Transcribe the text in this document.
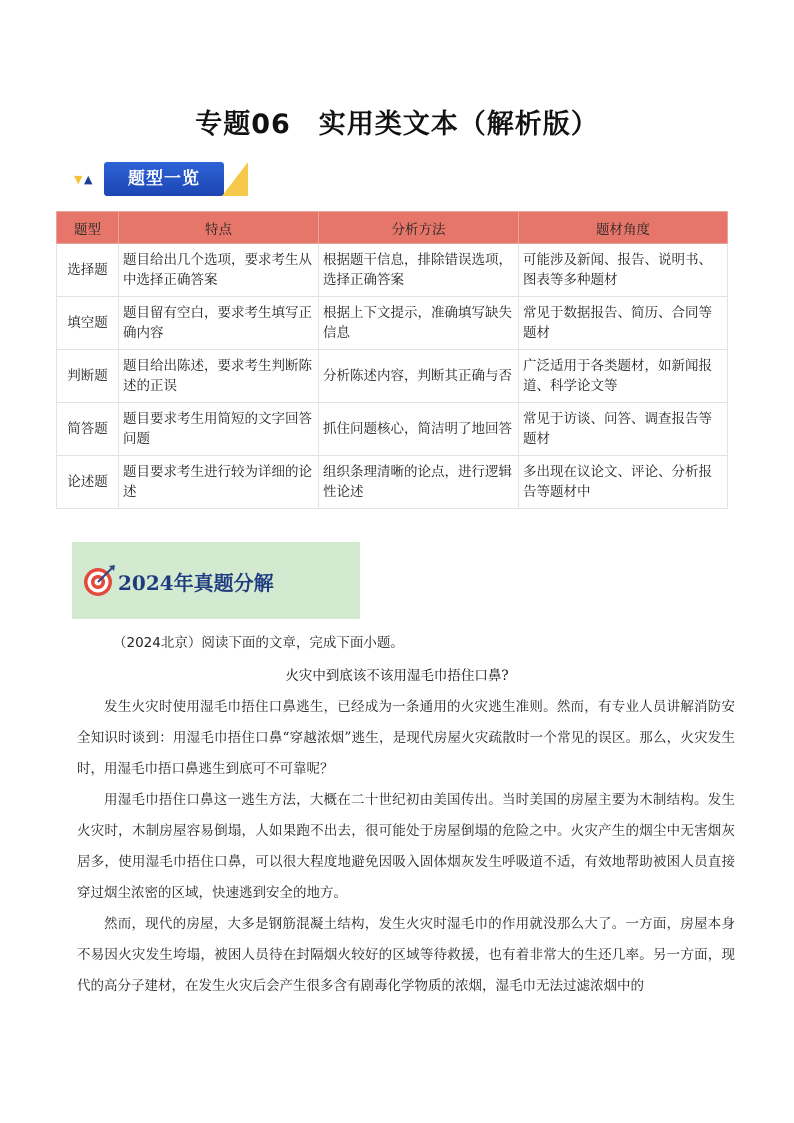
专题06　实用类文本（解析版）
▼ ▲	题型一览
题型	特点	分析方法	题材角度
选择题	题目给出几个选项，要求考生从中选择正确答案	根据题干信息，排除错误选项，选择正确答案	可能涉及新闻、报告、说明书、图表等多种题材
填空题	题目留有空白，要求考生填写正确内容	根据上下文提示，准确填写缺失信息	常见于数据报告、简历、合同等题材
判断题	题目给出陈述，要求考生判断陈述的正误	分析陈述内容，判断其正确与否	广泛适用于各类题材，如新闻报道、科学论文等
简答题	题目要求考生用简短的文字回答问题	抓住问题核心，简洁明了地回答	常见于访谈、问答、调查报告等题材
论述题	题目要求考生进行较为详细的论述	组织条理清晰的论点，进行逻辑性论述	多出现在议论文、评论、分析报告等题材中
2024年真题分解
（2024北京）阅读下面的文章，完成下面小题。
火灾中到底该不该用湿毛巾捂住口鼻?

发生火灾时使用湿毛巾捂住口鼻逃生，已经成为一条通用的火灾逃生准则。然而，有专业人员讲解消防安全知识时谈到：用湿毛巾捂住口鼻“穿越浓烟”逃生，是现代房屋火灾疏散时一个常见的误区。那么，火灾发生时，用湿毛巾捂口鼻逃生到底可不可靠呢？

用湿毛巾捂住口鼻这一逃生方法，大概在二十世纪初由美国传出。当时美国的房屋主要为木制结构。发生火灾时，木制房屋容易倒塌，人如果跑不出去，很可能处于房屋倒塌的危险之中。火灾产生的烟尘中无害烟灰居多，使用湿毛巾捂住口鼻，可以很大程度地避免因吸入固体烟灰发生呼吸道不适，有效地帮助被困人员直接穿过烟尘浓密的区域，快速逃到安全的地方。

然而，现代的房屋，大多是钢筋混凝土结构，发生火灾时湿毛巾的作用就没那么大了。一方面，房屋本身不易因火灾发生垮塌，被困人员待在封隔烟火较好的区域等待救援，也有着非常大的生还几率。另一方面，现代的高分子建材，在发生火灾后会产生很多含有剧毒化学物质的浓烟，湿毛巾无法过滤浓烟中的
